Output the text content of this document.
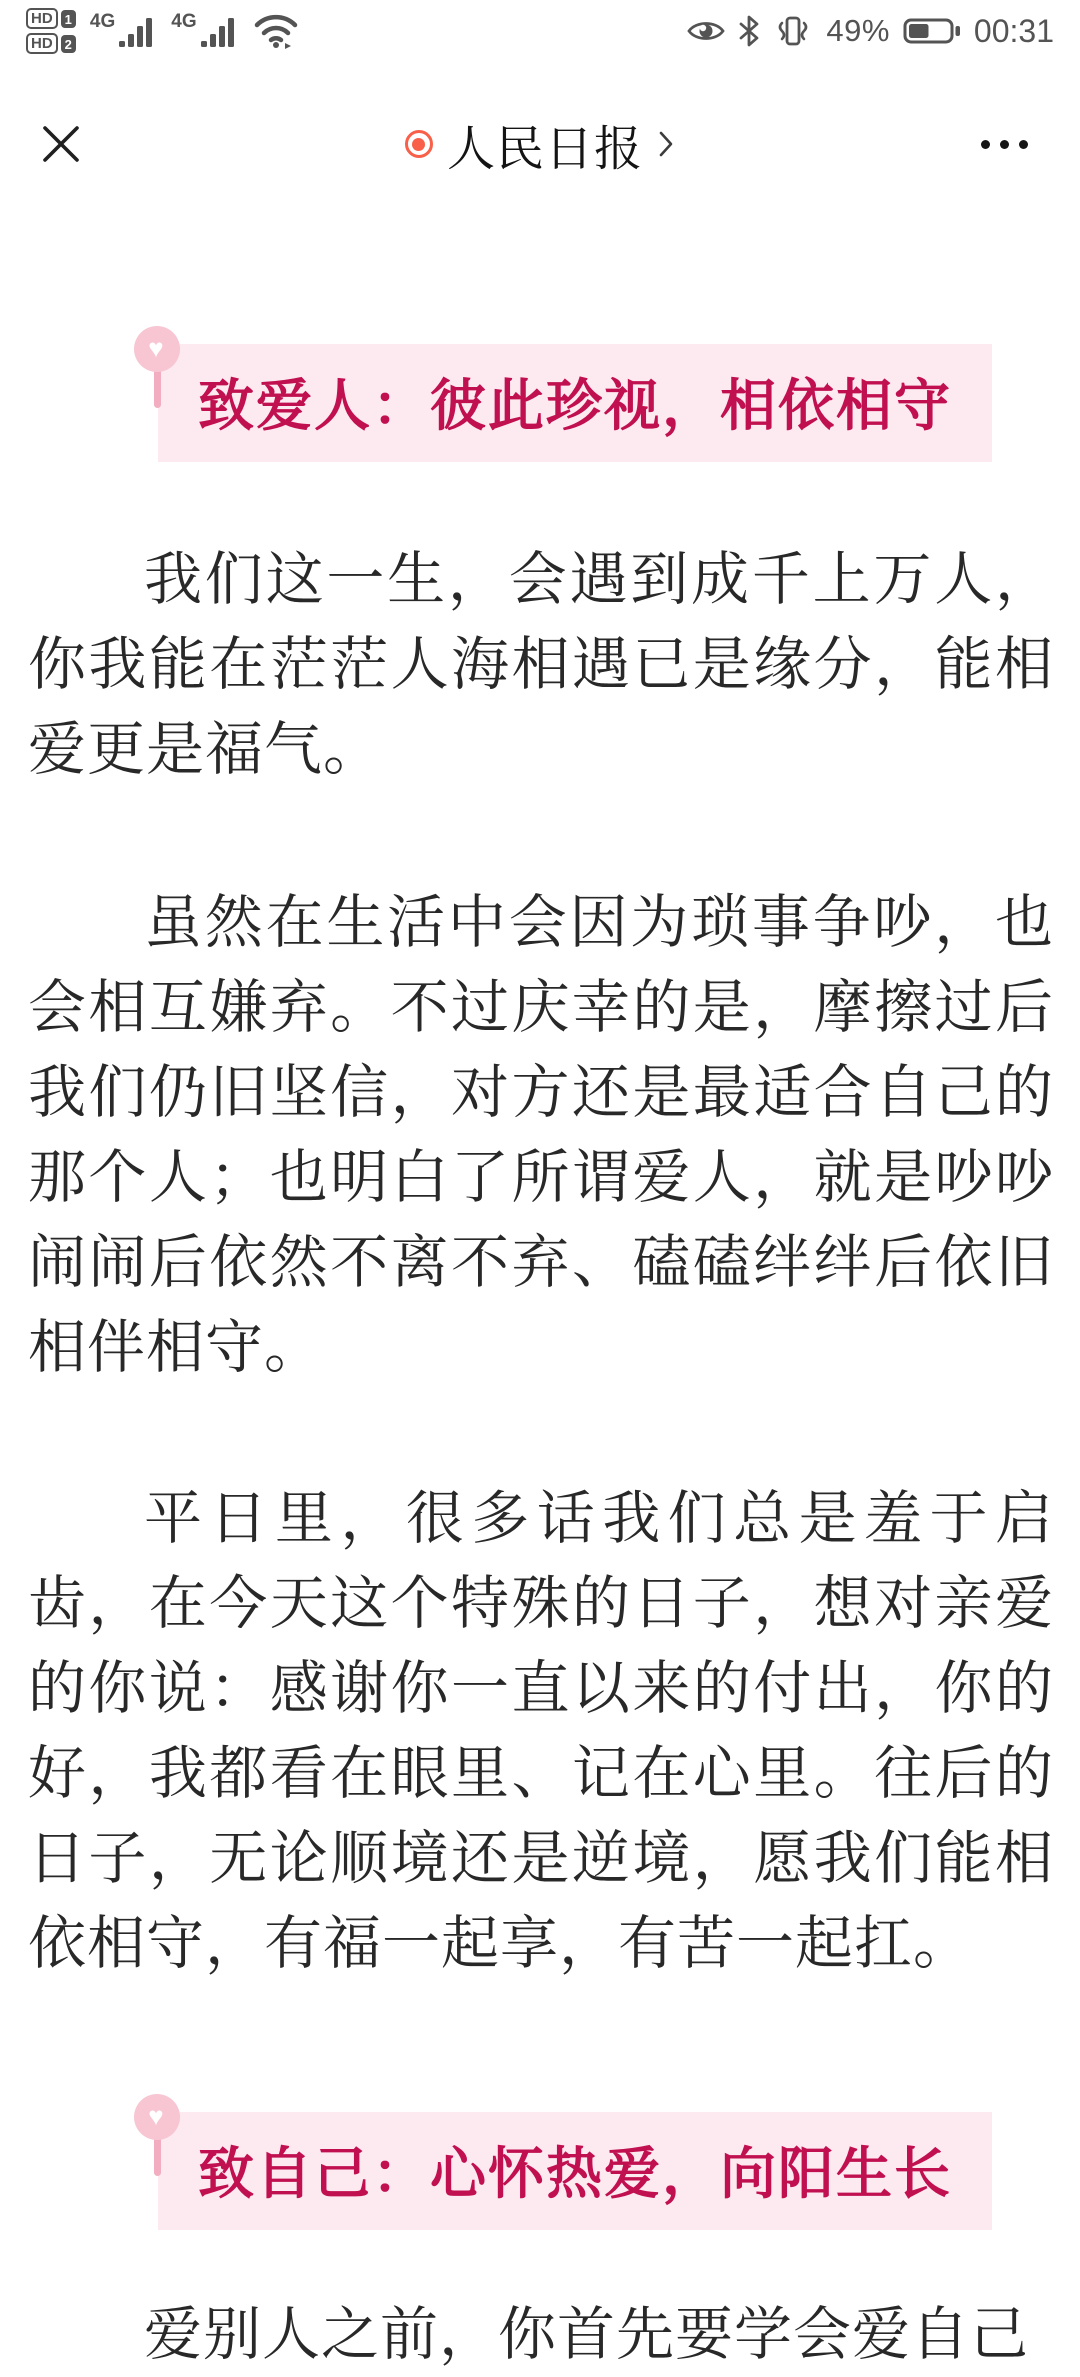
HD 1
HD 2
4G	4G	49%	00:31
人民日报
♥
致爱人：彼此珍视，相依相守

我们这一生，会遇到成千上万人，你我能在茫茫人海相遇已是缘分，能相爱更是福气。

虽然在生活中会因为琐事争吵，也会相互嫌弃。不过庆幸的是，摩擦过后我们仍旧坚信，对方还是最适合自己的那个人；也明白了所谓爱人，就是吵吵闹闹后依然不离不弃、磕磕绊绊后依旧相伴相守。

平日里，很多话我们总是羞于启齿，在今天这个特殊的日子，想对亲爱的你说：感谢你一直以来的付出，你的好，我都看在眼里、记在心里。往后的日子，无论顺境还是逆境，愿我们能相依相守，有福一起享，有苦一起扛。

♥
致自己：心怀热爱，向阳生长

爱别人之前，你首先要学会爱自己
